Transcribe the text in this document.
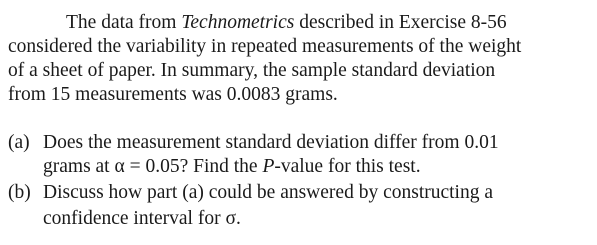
The data from Technometrics described in Exercise 8-56
considered the variability in repeated measurements of the weight
of a sheet of paper. In summary, the sample standard deviation
from 15 measurements was 0.0083 grams.
(a) Does the measurement standard deviation differ from 0.01
grams at α = 0.05? Find the P-value for this test.
(b) Discuss how part (a) could be answered by constructing a
confidence interval for σ.
